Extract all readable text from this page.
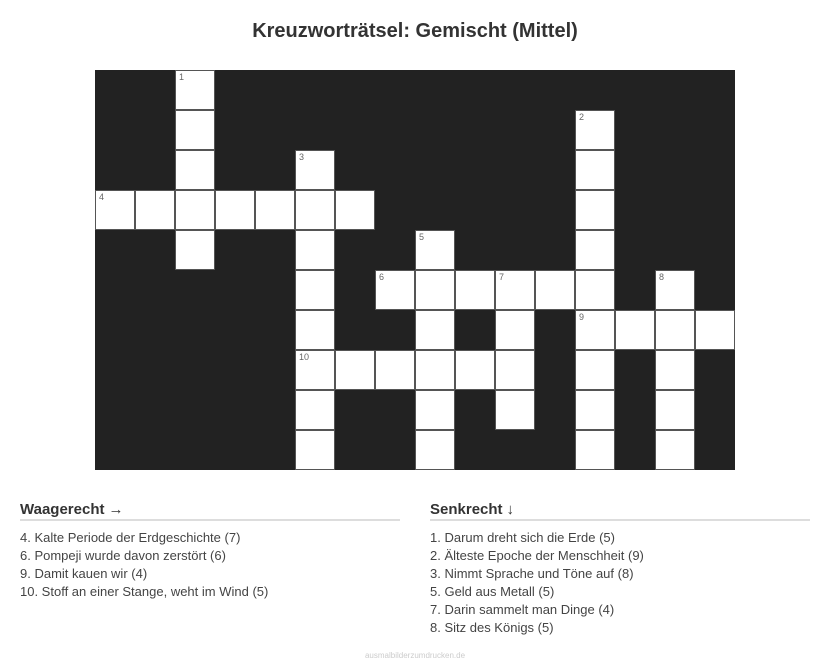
Kreuzworträtsel: Gemischt (Mittel)
1
2
3
4
5
6	7	8
9
10
Waagerecht →
4. Kalte Periode der Erdgeschichte (7)
6. Pompeji wurde davon zerstört (6)
9. Damit kauen wir (4)
10. Stoff an einer Stange, weht im Wind (5)
Senkrecht ↓
1. Darum dreht sich die Erde (5)
2. Älteste Epoche der Menschheit (9)
3. Nimmt Sprache und Töne auf (8)
5. Geld aus Metall (5)
7. Darin sammelt man Dinge (4)
8. Sitz des Königs (5)
ausmalbilderzumdrucken.de
